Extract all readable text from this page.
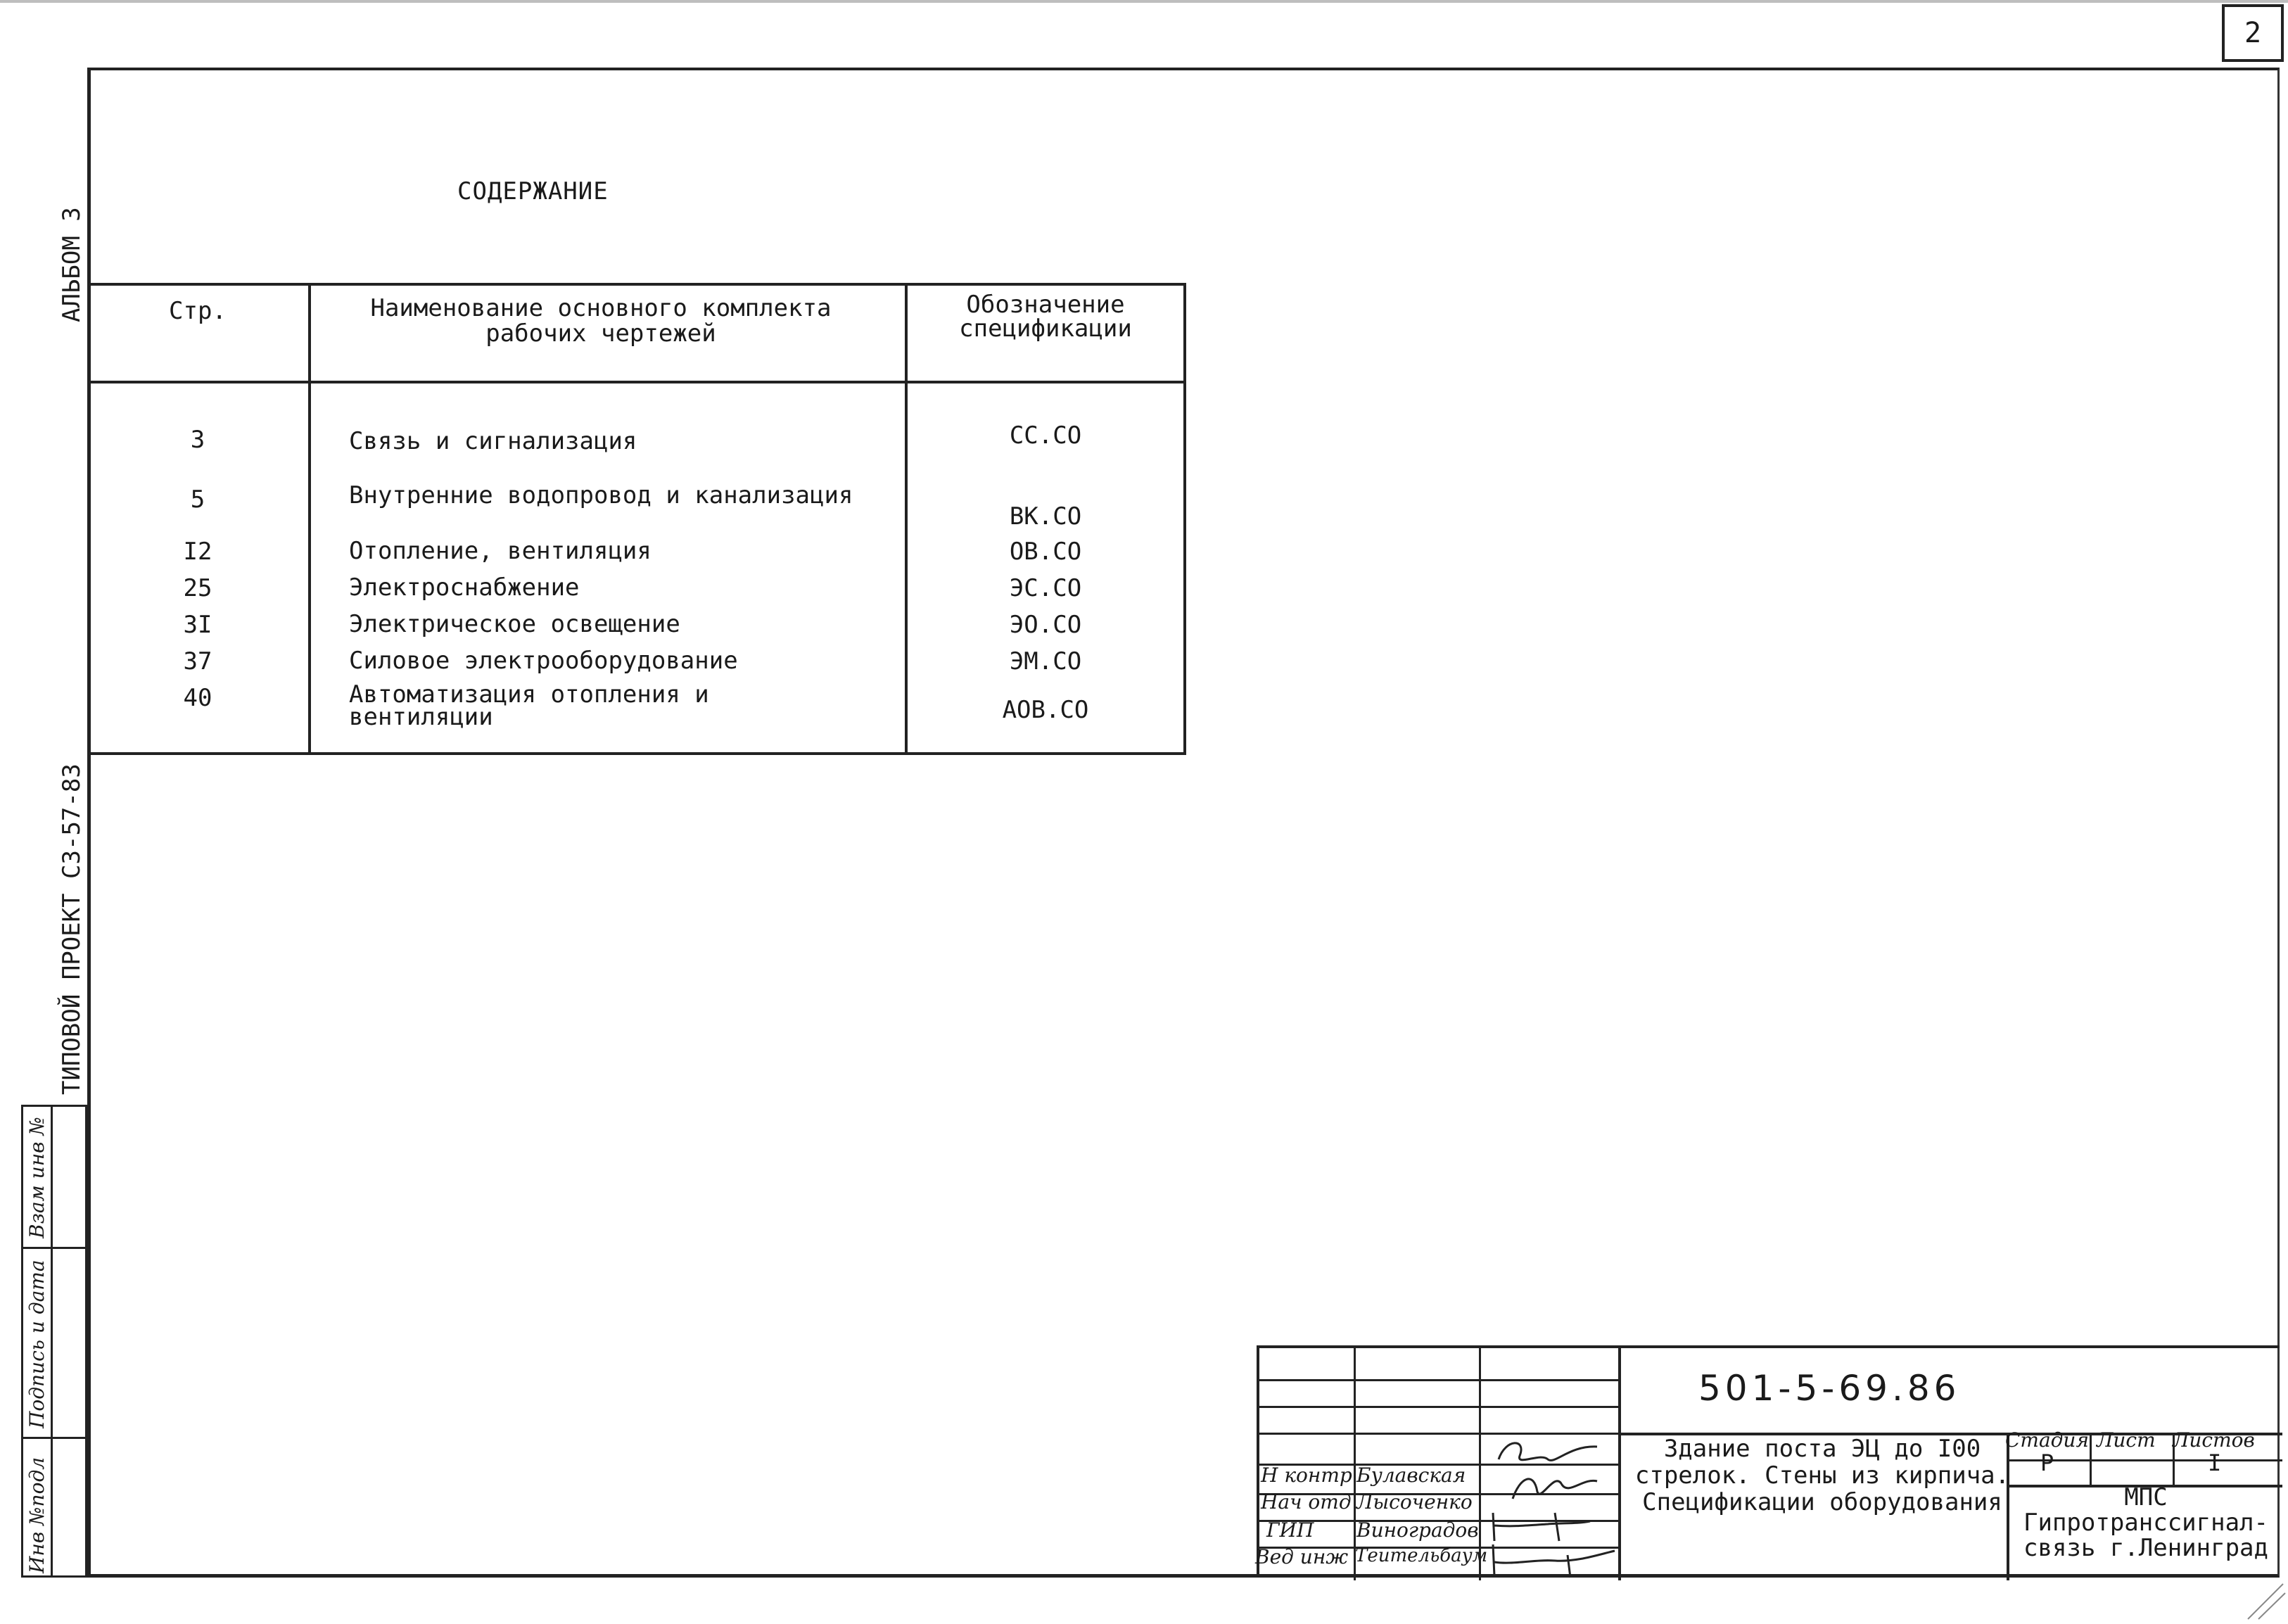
2
АЛЬБОМ 3
ТИПОВОЙ ПРОЕКТ СЗ-57-83
Взам инв №
Подпись и дата
Инв №подл
СОДЕРЖАНИЕ
Стр.	Наименование основного комплекта рабочих чертежей	Обозначение спецификации
3	Связь и сигнализация	СС.СО
5	Внутренние водопровод и канализация	ВК.СО
I2	Отопление, вентиляция	ОВ.СО
25	Электроснабжение	ЭС.СО
3I	Электрическое освещение	ЭО.СО
37	Силовое электрооборудование	ЭМ.СО
40	Автоматизация отопления и вентиляции	АОВ.СО
501-5-69.86
Здание поста ЭЦ до I00 стрелок. Стены из кирпича. Спецификации оборудования
Стадия Лист Листов
Р	I
МПС Гипротранссигнал-связь г.Ленинград
Н контр Булавская
Нач отд Лысоченко
ГИП Виноградов
Вед инж Теительбаум
